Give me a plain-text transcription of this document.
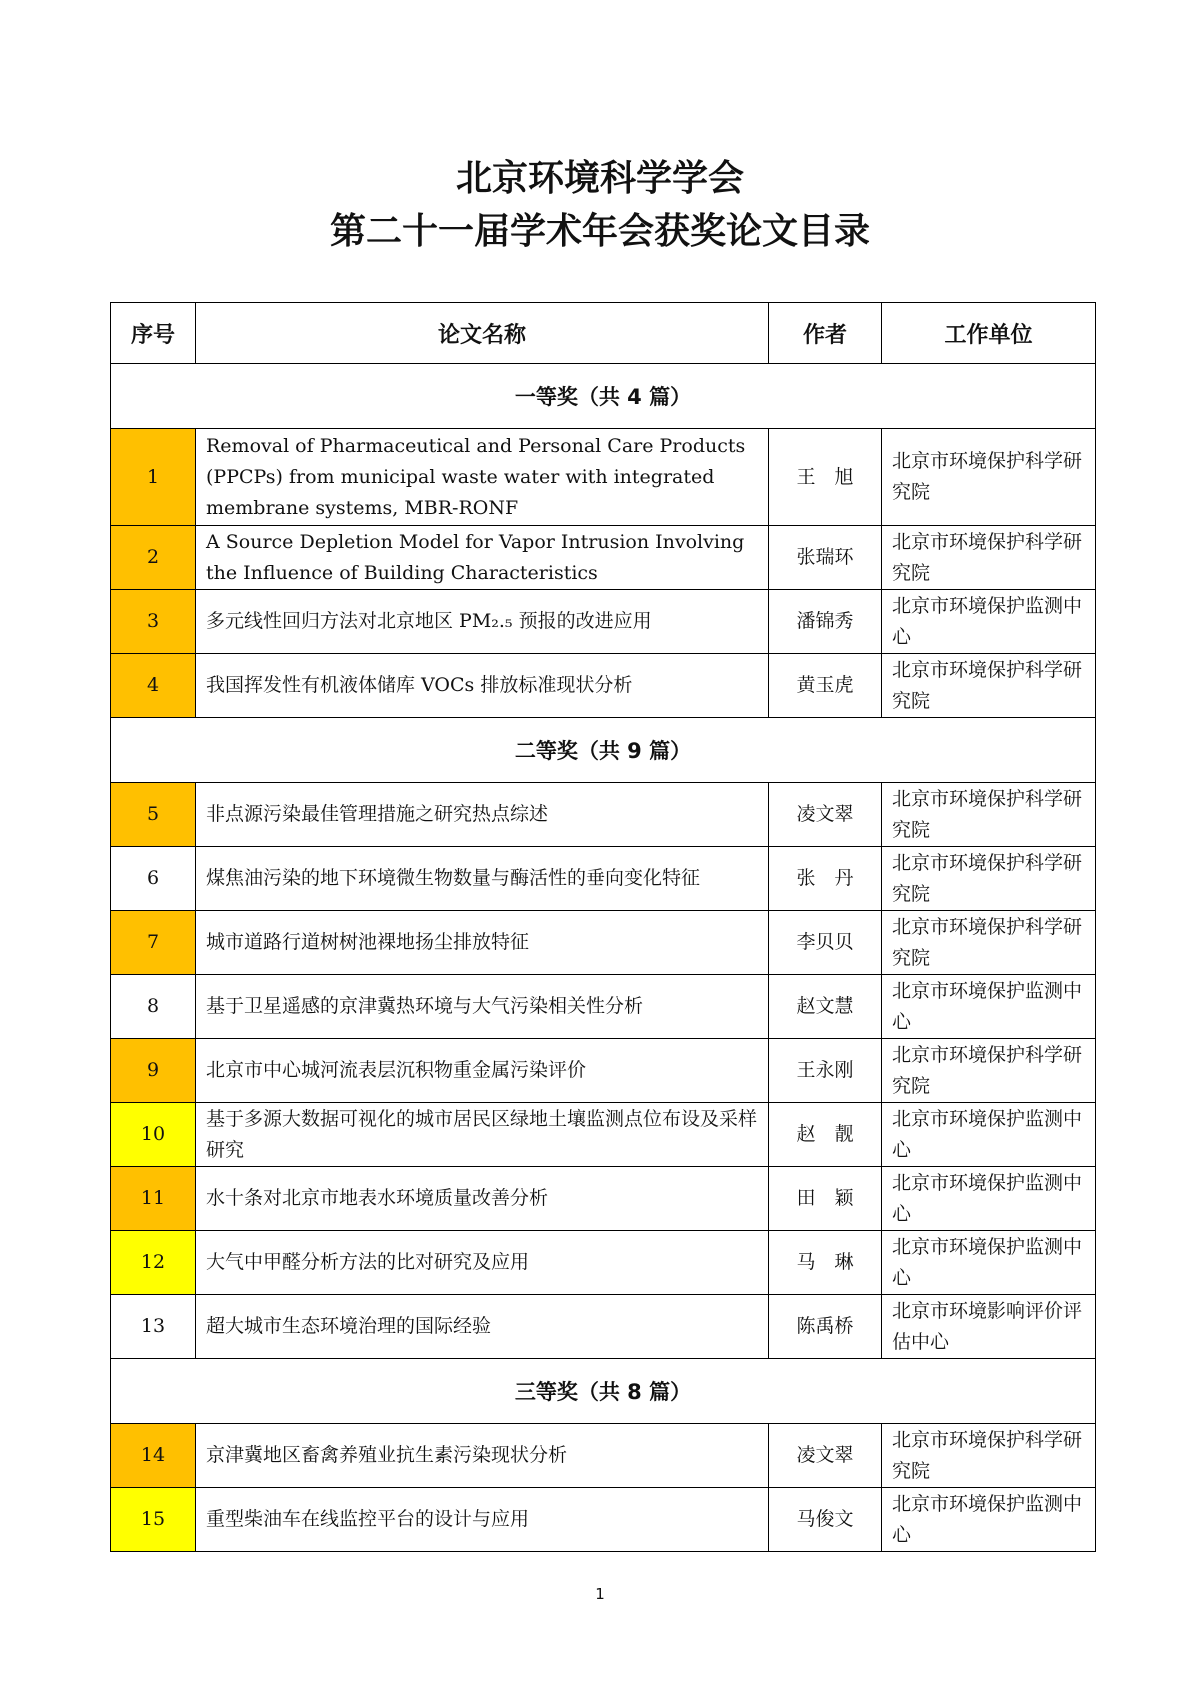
北京环境科学学会
第二十一届学术年会获奖论文目录
序号	论文名称	作者	工作单位
一等奖（共 4 篇）			
1	Removal of Pharmaceutical and Personal Care Products (PPCPs) from municipal waste water with integrated membrane systems, MBR-RONF	王　旭	北京市环境保护科学研究院
2	A Source Depletion Model for Vapor Intrusion Involving the Influence of Building Characteristics	张瑞环	北京市环境保护科学研究院
3	多元线性回归方法对北京地区 PM₂.₅ 预报的改进应用	潘锦秀	北京市环境保护监测中心
4	我国挥发性有机液体储库 VOCs 排放标准现状分析	黄玉虎	北京市环境保护科学研究院
二等奖（共 9 篇）			
5	非点源污染最佳管理措施之研究热点综述	凌文翠	北京市环境保护科学研究院
6	煤焦油污染的地下环境微生物数量与酶活性的垂向变化特征	张　丹	北京市环境保护科学研究院
7	城市道路行道树树池裸地扬尘排放特征	李贝贝	北京市环境保护科学研究院
8	基于卫星遥感的京津冀热环境与大气污染相关性分析	赵文慧	北京市环境保护监测中心
9	北京市中心城河流表层沉积物重金属污染评价	王永刚	北京市环境保护科学研究院
10	基于多源大数据可视化的城市居民区绿地土壤监测点位布设及采样研究	赵　靓	北京市环境保护监测中心
11	水十条对北京市地表水环境质量改善分析	田　颖	北京市环境保护监测中心
12	大气中甲醛分析方法的比对研究及应用	马　琳	北京市环境保护监测中心
13	超大城市生态环境治理的国际经验	陈禹桥	北京市环境影响评价评估中心
三等奖（共 8 篇）			
14	京津冀地区畜禽养殖业抗生素污染现状分析	凌文翠	北京市环境保护科学研究院
15	重型柴油车在线监控平台的设计与应用	马俊文	北京市环境保护监测中心
1
